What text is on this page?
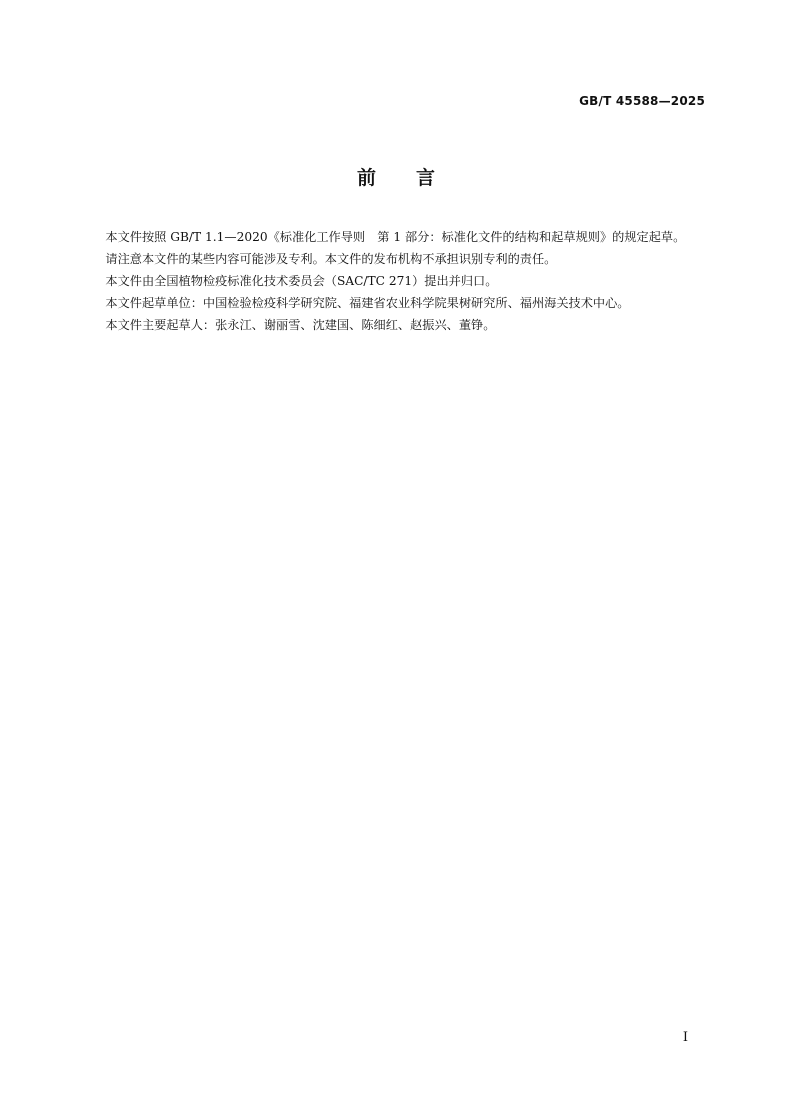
GB/T 45588—2025
前言

本文件按照 GB/T 1.1—2020《标准化工作导则　第 1 部分：标准化文件的结构和起草规则》的规定起草。

请注意本文件的某些内容可能涉及专利。本文件的发布机构不承担识别专利的责任。

本文件由全国植物检疫标准化技术委员会（SAC/TC 271）提出并归口。

本文件起草单位：中国检验检疫科学研究院、福建省农业科学院果树研究所、福州海关技术中心。

本文件主要起草人：张永江、谢丽雪、沈建国、陈细红、赵振兴、董铮。

I
